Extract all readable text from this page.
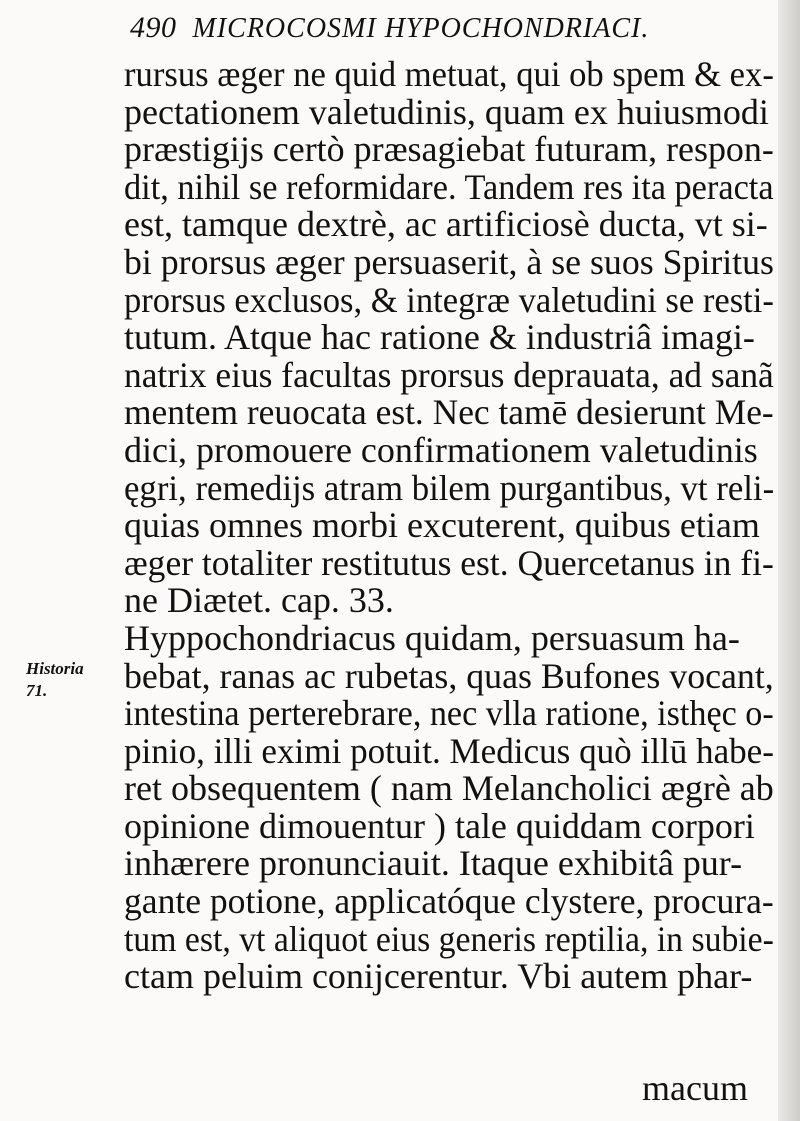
490 MICROCOSMI HYPOCHONDRIACI.
Historia
71.
rursus æger ne quid metuat, qui ob spem & ex-
pectationem valetudinis, quam ex huiusmodi
præstigijs certò præsagiebat futuram, respon-
dit, nihil se reformidare. Tandem res ita peracta
est, tamque dextrè, ac artificiosè ducta, vt si-
bi prorsus æger persuaserit, à se suos Spiritus
prorsus exclusos, & integræ valetudini se resti-
tutum. Atque hac ratione & industriâ imagi-
natrix eius facultas prorsus deprauata, ad sanã
mentem reuocata est. Nec tamē desierunt Me-
dici, promouere confirmationem valetudinis
ęgri, remedijs atram bilem purgantibus, vt reli-
quias omnes morbi excuterent, quibus etiam
æger totaliter restitutus est. Quercetanus in fi-
ne Diætet. cap. 33.
Hyppochondriacus quidam, persuasum ha-
bebat, ranas ac rubetas, quas Bufones vocant,
intestina perterebrare, nec vlla ratione, isthęc o-
pinio, illi eximi potuit. Medicus quò illū habe-
ret obsequentem ( nam Melancholici ægrè ab
opinione dimouentur ) tale quiddam corpori
inhærere pronunciauit. Itaque exhibitâ pur-
gante potione, applicatóque clystere, procura-
tum est, vt aliquot eius generis reptilia, in subie-
ctam peluim conijcerentur. Vbi autem phar-
macum
